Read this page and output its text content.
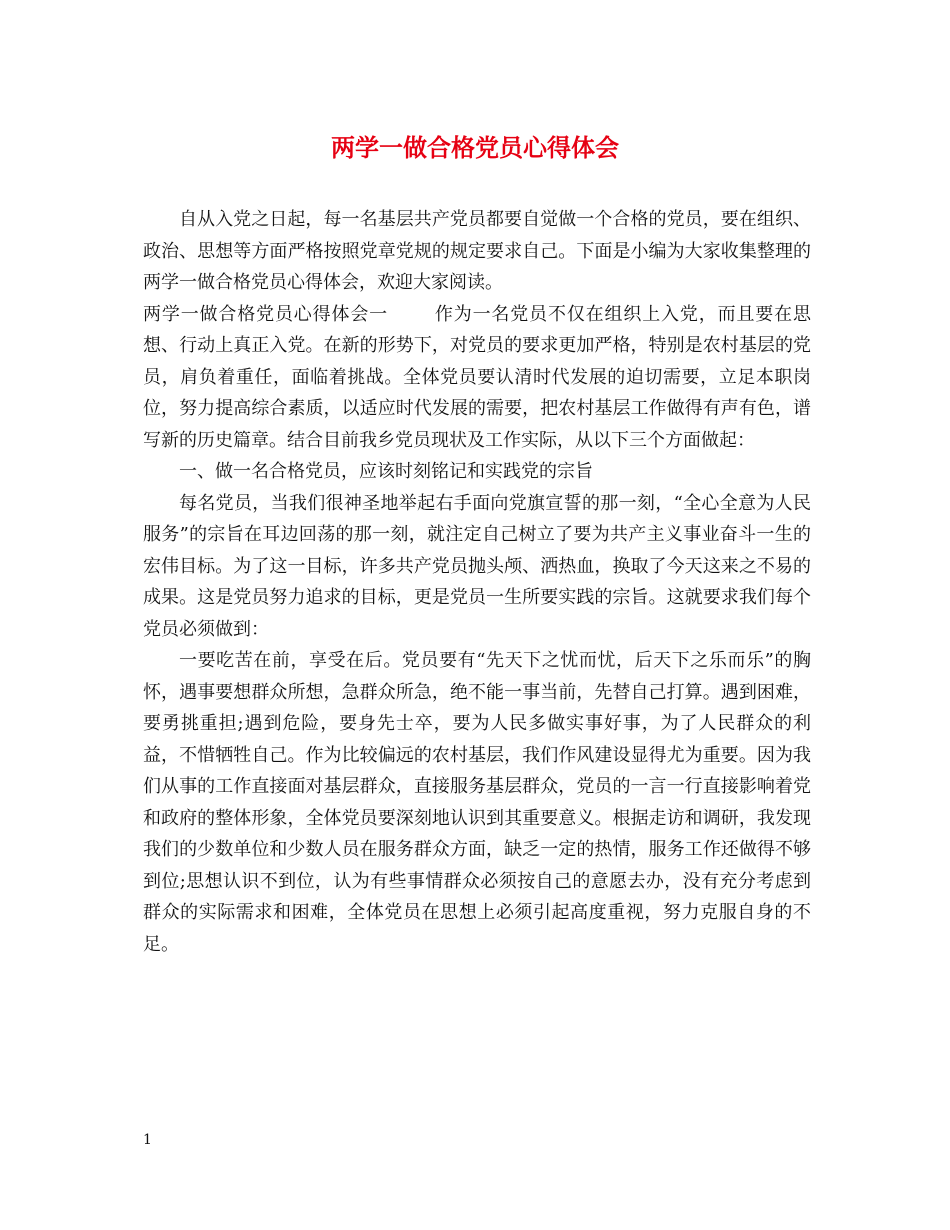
两学一做合格党员心得体会

自从入党之日起，每一名基层共产党员都要自觉做一个合格的党员，要在组织、政治、思想等方面严格按照党章党规的规定要求自己。下面是小编为大家收集整理的两学一做合格党员心得体会，欢迎大家阅读。

两学一做合格党员心得体会一	作为一名党员不仅在组织上入党，而且要在思想、行动上真正入党。在新的形势下，对党员的要求更加严格，特别是农村基层的党员，肩负着重任，面临着挑战。全体党员要认清时代发展的迫切需要，立足本职岗位，努力提高综合素质，以适应时代发展的需要，把农村基层工作做得有声有色，谱写新的历史篇章。结合目前我乡党员现状及工作实际，从以下三个方面做起：

一、做一名合格党员，应该时刻铭记和实践党的宗旨

每名党员，当我们很神圣地举起右手面向党旗宣誓的那一刻，“全心全意为人民服务”的宗旨在耳边回荡的那一刻，就注定自己树立了要为共产主义事业奋斗一生的宏伟目标。为了这一目标，许多共产党员抛头颅、洒热血，换取了今天这来之不易的成果。这是党员努力追求的目标，更是党员一生所要实践的宗旨。这就要求我们每个党员必须做到：

一要吃苦在前，享受在后。党员要有“先天下之忧而忧，后天下之乐而乐”的胸怀，遇事要想群众所想，急群众所急，绝不能一事当前，先替自己打算。遇到困难，要勇挑重担;遇到危险，要身先士卒，要为人民多做实事好事，为了人民群众的利益，不惜牺牲自己。作为比较偏远的农村基层，我们作风建设显得尤为重要。因为我们从事的工作直接面对基层群众，直接服务基层群众，党员的一言一行直接影响着党和政府的整体形象，全体党员要深刻地认识到其重要意义。根据走访和调研，我发现我们的少数单位和少数人员在服务群众方面，缺乏一定的热情，服务工作还做得不够到位;思想认识不到位，认为有些事情群众必须按自己的意愿去办，没有充分考虑到群众的实际需求和困难，全体党员在思想上必须引起高度重视，努力克服自身的不足。

1
